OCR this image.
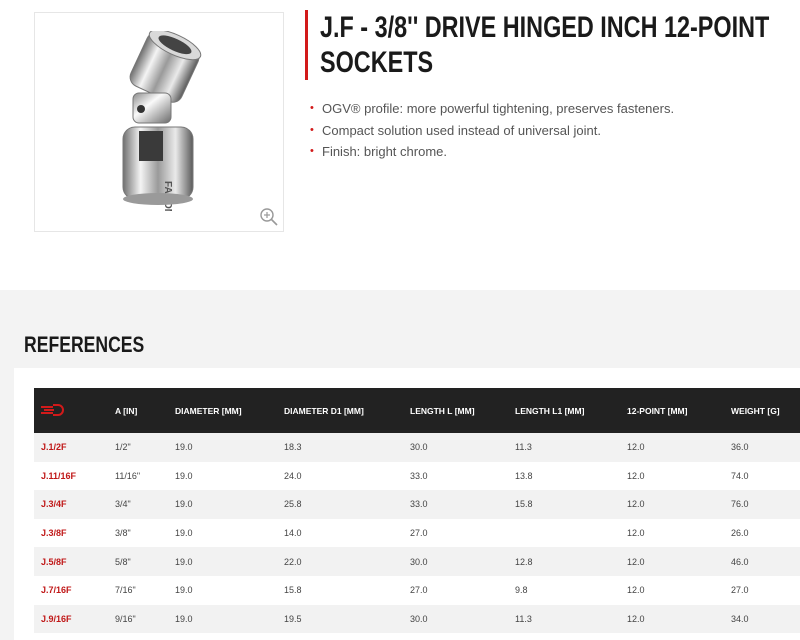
J.F - 3/8'' DRIVE HINGED INCH 12-POINT
SOCKETS
• OGV® profile: more powerful tightening, preserves fasteners.
• Compact solution used instead of universal joint.
• Finish: bright chrome.
REFERENCES
	A [IN]	DIAMETER [MM]	DIAMETER D1 [MM]	LENGTH L [MM]	LENGTH L1 [MM]	12-POINT [MM]	WEIGHT [G]
J.1/2F	1/2"	19.0	18.3	30.0	11.3	12.0	36.0
J.11/16F	11/16"	19.0	24.0	33.0	13.8	12.0	74.0
J.3/4F	3/4"	19.0	25.8	33.0	15.8	12.0	76.0
J.3/8F	3/8"	19.0	14.0	27.0		12.0	26.0
J.5/8F	5/8"	19.0	22.0	30.0	12.8	12.0	46.0
J.7/16F	7/16"	19.0	15.8	27.0	9.8	12.0	27.0
J.9/16F	9/16"	19.0	19.5	30.0	11.3	12.0	34.0
